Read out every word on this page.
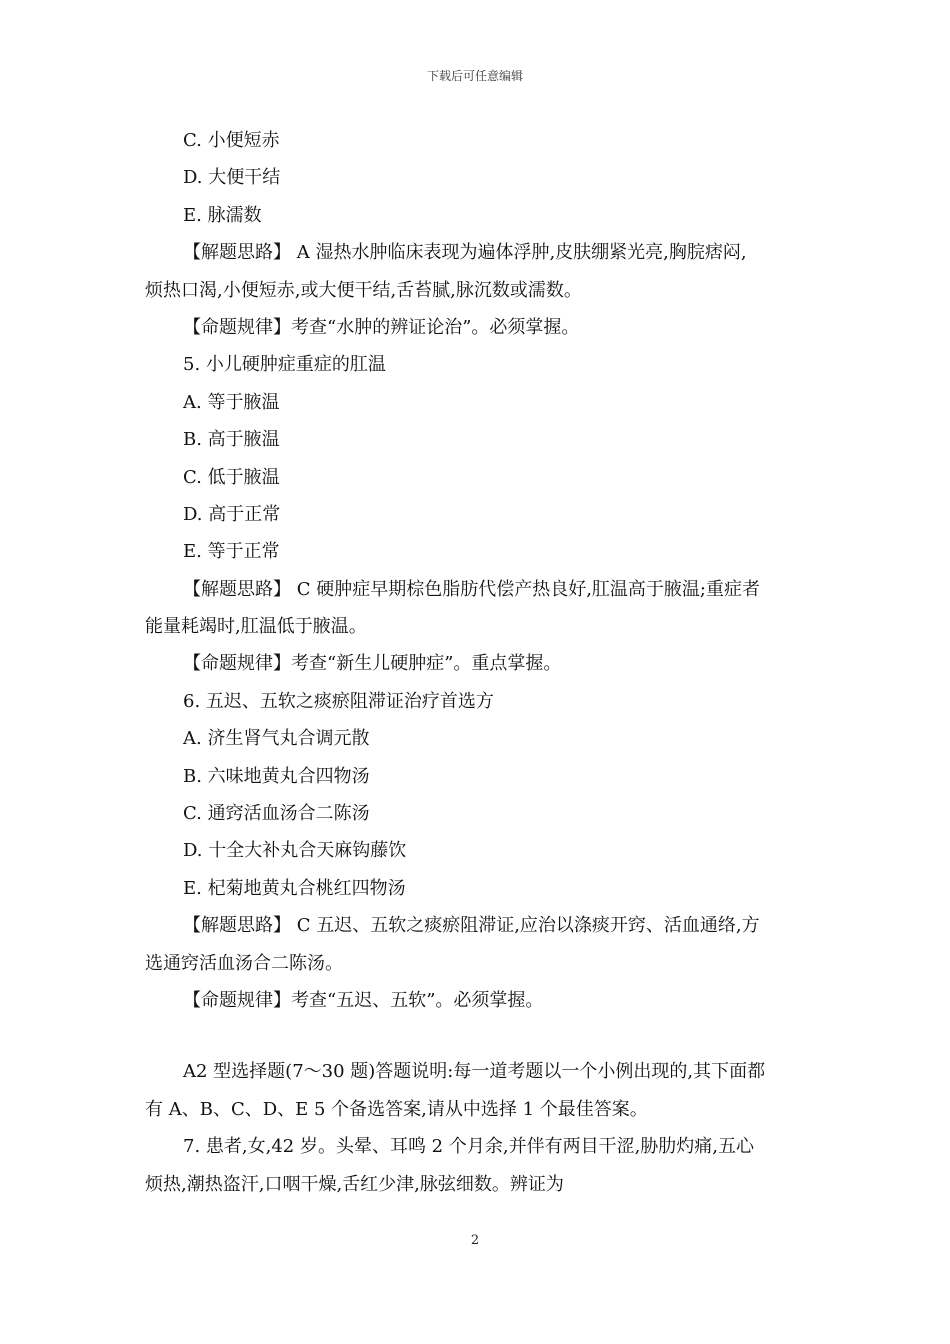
下载后可任意编辑
C. 小便短赤
D. 大便干结
E. 脉濡数
【解题思路】 A 湿热水肿临床表现为遍体浮肿,皮肤绷紧光亮,胸脘痞闷,
烦热口渴,小便短赤,或大便干结,舌苔腻,脉沉数或濡数。
【命题规律】考查“水肿的辨证论治”。必须掌握。
5. 小儿硬肿症重症的肛温
A. 等于腋温
B. 高于腋温
C. 低于腋温
D. 高于正常
E. 等于正常
【解题思路】 C 硬肿症早期棕色脂肪代偿产热良好,肛温高于腋温;重症者
能量耗竭时,肛温低于腋温。
【命题规律】考查“新生儿硬肿症”。重点掌握。
6. 五迟、五软之痰瘀阻滞证治疗首选方
A. 济生肾气丸合调元散
B. 六味地黄丸合四物汤
C. 通窍活血汤合二陈汤
D. 十全大补丸合天麻钩藤饮
E. 杞菊地黄丸合桃红四物汤
【解题思路】 C 五迟、五软之痰瘀阻滞证,应治以涤痰开窍、活血通络,方
选通窍活血汤合二陈汤。
【命题规律】考查“五迟、五软”。必须掌握。
A2 型选择题(7～30 题)答题说明:每一道考题以一个小例出现的,其下面都
有 A、B、C、D、E 5 个备选答案,请从中选择 1 个最佳答案。
7. 患者,女,42 岁。头晕、耳鸣 2 个月余,并伴有两目干涩,胁肋灼痛,五心
烦热,潮热盗汗,口咽干燥,舌红少津,脉弦细数。辨证为
2
